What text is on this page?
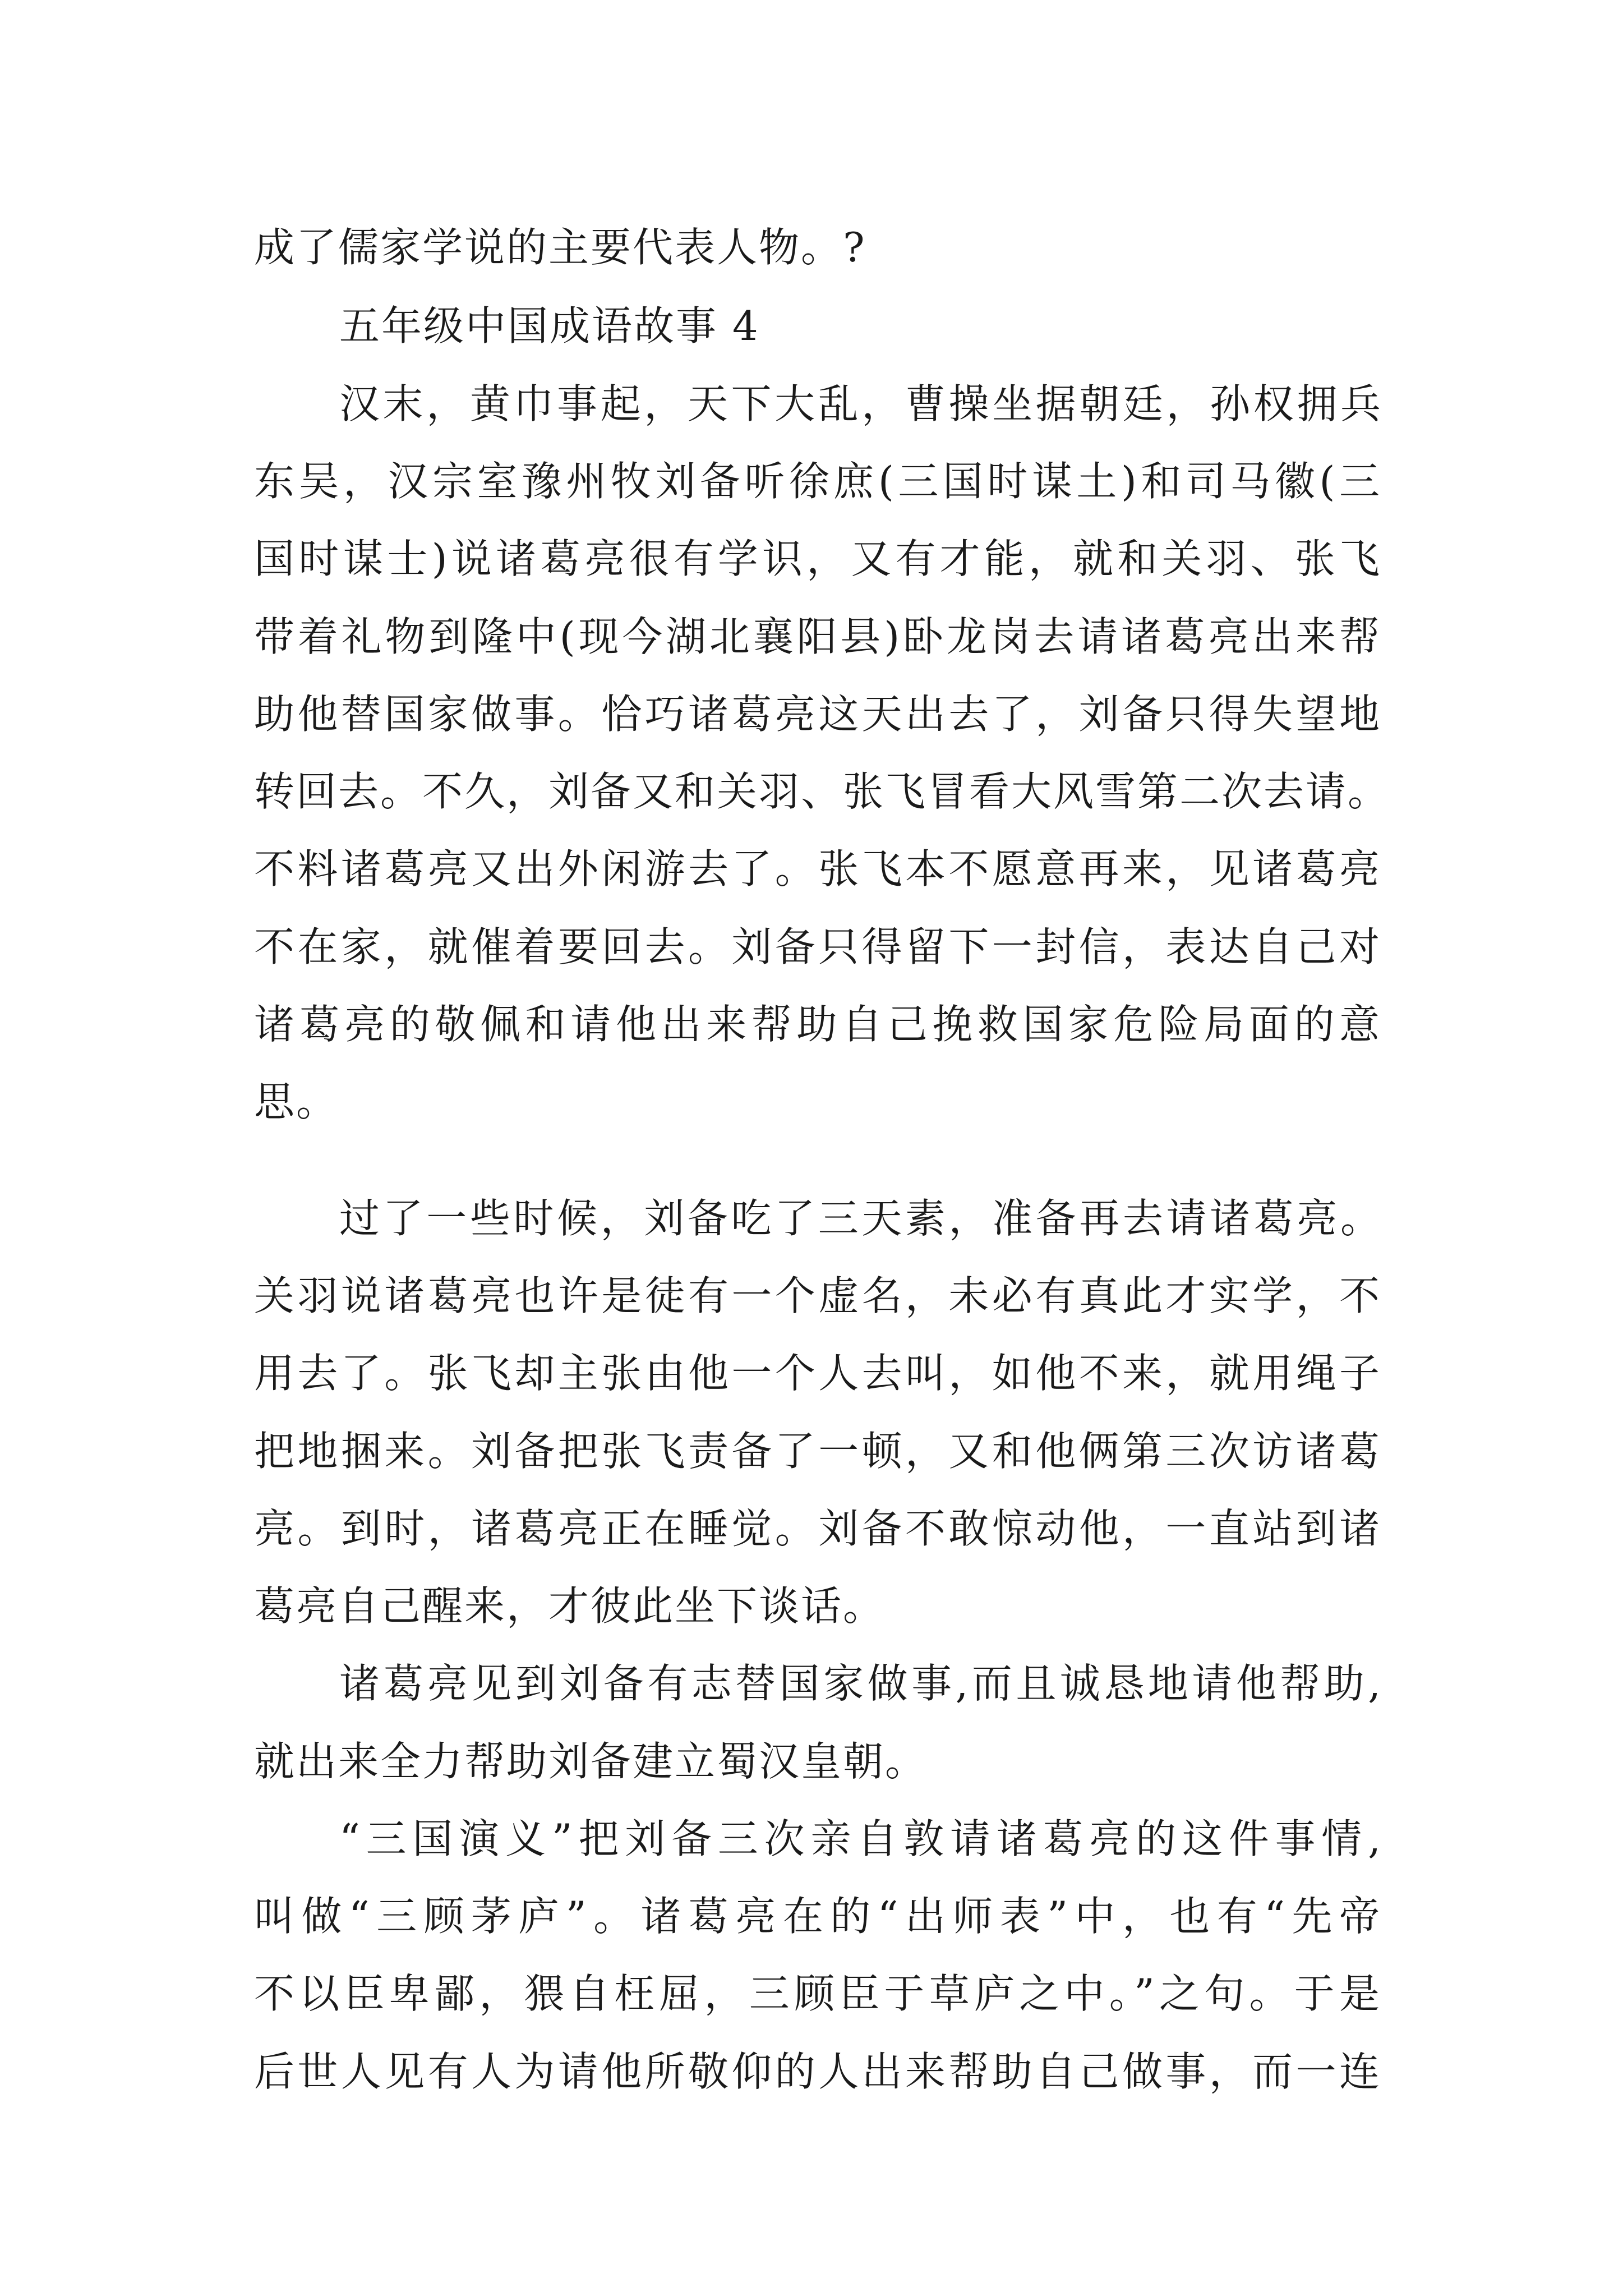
成了儒家学说的主要代表人物。?
五年级中国成语故事 4
汉末，黄巾事起，天下大乱，曹操坐据朝廷，孙权拥兵
东吴，汉宗室豫州牧刘备听徐庶(三国时谋土)和司马徽(三
国时谋士)说诸葛亮很有学识，又有才能，就和关羽、张飞
带着礼物到隆中(现今湖北襄阳县)卧龙岗去请诸葛亮出来帮
助他替国家做事。恰巧诸葛亮这天出去了，刘备只得失望地
转回去。不久，刘备又和关羽、张飞冒看大风雪第二次去请。
不料诸葛亮又出外闲游去了。张飞本不愿意再来，见诸葛亮
不在家，就催着要回去。刘备只得留下一封信，表达自己对
诸葛亮的敬佩和请他出来帮助自己挽救国家危险局面的意
思。
过了一些时候，刘备吃了三天素，准备再去请诸葛亮。
关羽说诸葛亮也许是徒有一个虚名，未必有真此才实学，不
用去了。张飞却主张由他一个人去叫，如他不来，就用绳子
把地捆来。刘备把张飞责备了一顿，又和他俩第三次访诸葛
亮。到时，诸葛亮正在睡觉。刘备不敢惊动他，一直站到诸
葛亮自己醒来，才彼此坐下谈话。
诸葛亮见到刘备有志替国家做事,而且诚恳地请他帮助,
就出来全力帮助刘备建立蜀汉皇朝。
“三国演义”把刘备三次亲自敦请诸葛亮的这件事情,
叫做“三顾茅庐”。诸葛亮在的“出师表”中，也有“先帝
不以臣卑鄙，猥自枉屈，三顾臣于草庐之中。”之句。于是
后世人见有人为请他所敬仰的人出来帮助自己做事，而一连
